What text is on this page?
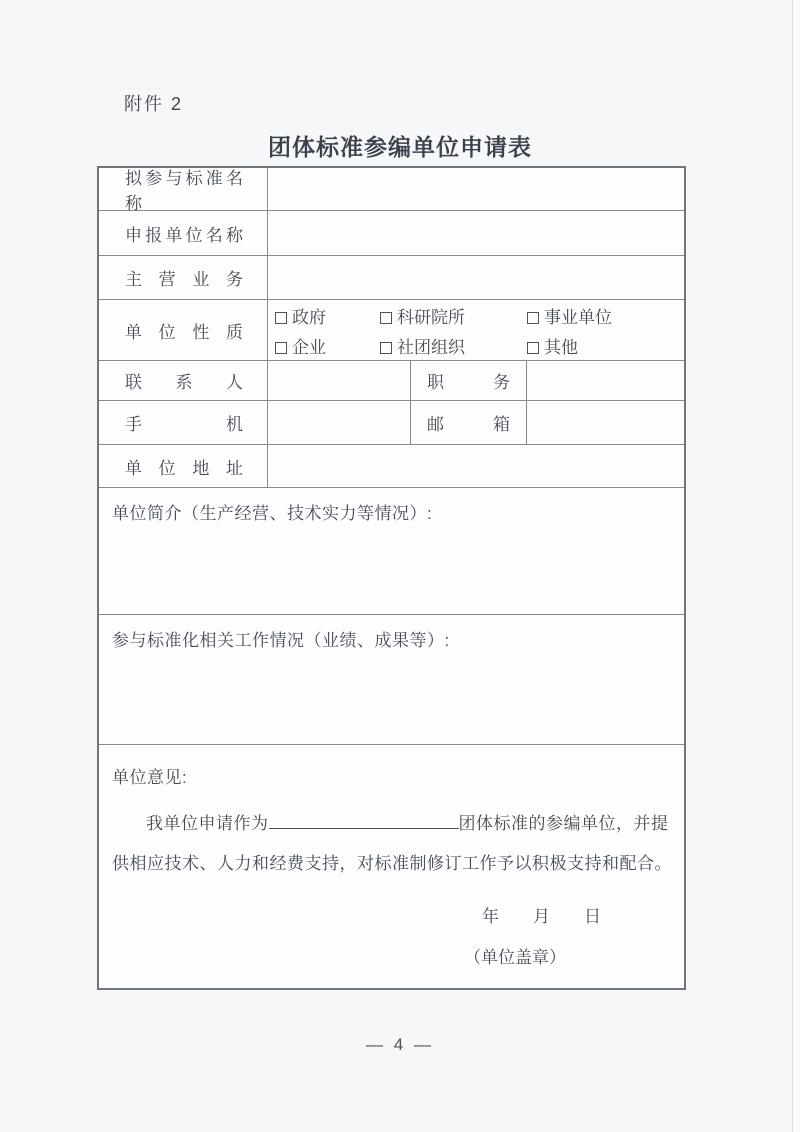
附件 2
团体标准参编单位申请表
拟参与标准名称
申报单位名称
主 营 业 务
单 位 性 质
政府	科研院所	事业单位
企业	社团组织	其他
联 系 人	职 务
手 机	邮 箱
单 位 地 址
单位简介（生产经营、技术实力等情况）:
参与标准化相关工作情况（业绩、成果等）:
单位意见:
我单位申请作为	团体标准的参编单位，并提供相应技术、人力和经费支持，对标准制修订工作予以积极支持和配合。
年　　月　　日
（单位盖章）
— 4 —
